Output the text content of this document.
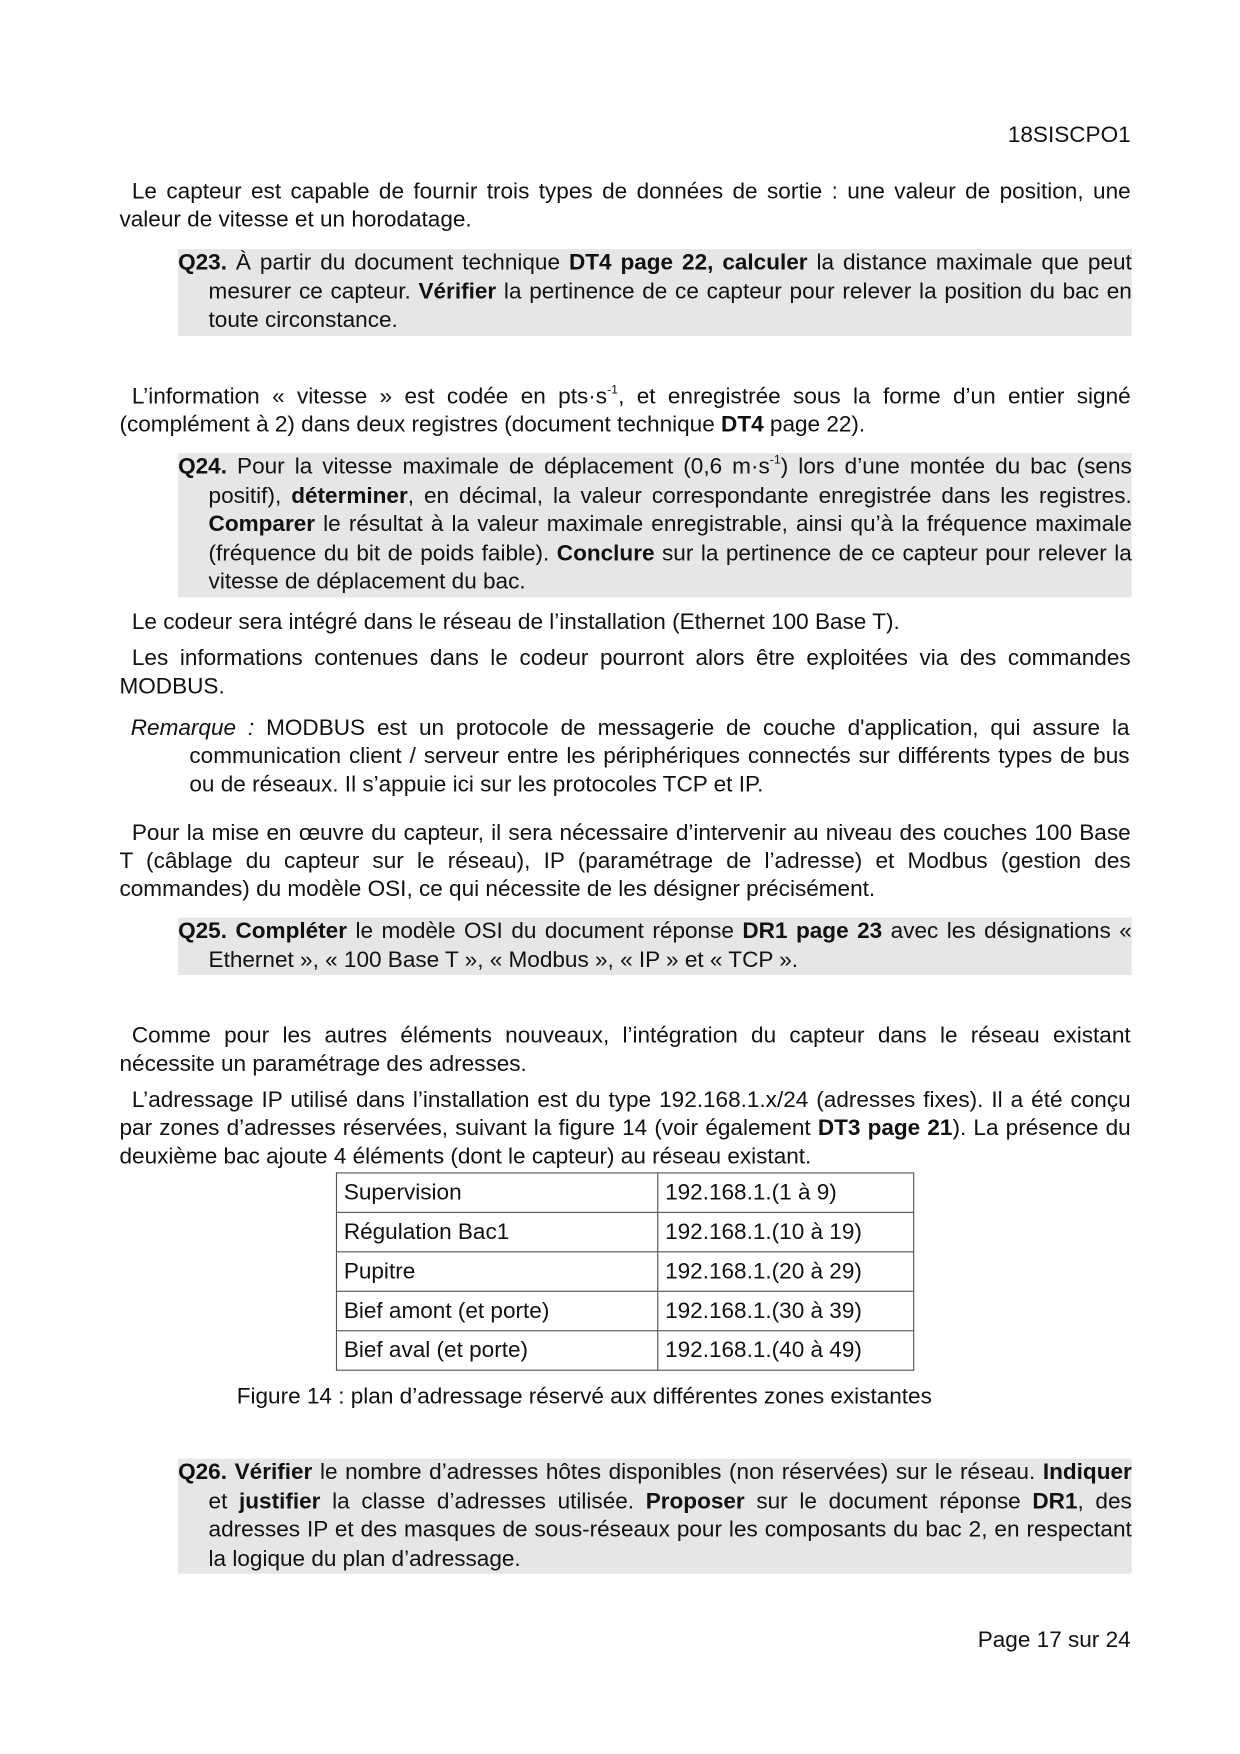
18SISCPO1
Le capteur est capable de fournir trois types de données de sortie : une valeur de position, une valeur de vitesse et un horodatage.
Q23. À partir du document technique DT4 page 22, calculer la distance maximale que peut mesurer ce capteur. Vérifier la pertinence de ce capteur pour relever la position du bac en toute circonstance.
L’information « vitesse » est codée en $pts\cdot s^{-1}$, et enregistrée sous la forme d’un entier signé (complément à 2) dans deux registres (document technique DT4 page 22).
Q24. Pour la vitesse maximale de déplacement (0,6 $m\cdot s^{-1}$) lors d’une montée du bac (sens positif), déterminer, en décimal, la valeur correspondante enregistrée dans les registres. Comparer le résultat à la valeur maximale enregistrable, ainsi qu’à la fréquence maximale (fréquence du bit de poids faible). Conclure sur la pertinence de ce capteur pour relever la vitesse de déplacement du bac.
Le codeur sera intégré dans le réseau de l’installation (Ethernet 100 Base T).
Les informations contenues dans le codeur pourront alors être exploitées via des commandes MODBUS.
Remarque : MODBUS est un protocole de messagerie de couche d'application, qui assure la communication client / serveur entre les périphériques connectés sur différents types de bus ou de réseaux. Il s’appuie ici sur les protocoles TCP et IP.
Pour la mise en œuvre du capteur, il sera nécessaire d’intervenir au niveau des couches 100 Base T (câblage du capteur sur le réseau), IP (paramétrage de l’adresse) et Modbus (gestion des commandes) du modèle OSI, ce qui nécessite de les désigner précisément.
Q25. Compléter le modèle OSI du document réponse DR1 page 23 avec les désignations « Ethernet », « 100 Base T », « Modbus », « IP » et « TCP ».
Comme pour les autres éléments nouveaux, l’intégration du capteur dans le réseau existant nécessite un paramétrage des adresses.
L’adressage IP utilisé dans l’installation est du type 192.168.1.x/24 (adresses fixes). Il a été conçu par zones d’adresses réservées, suivant la figure 14 (voir également DT3 page 21). La présence du deuxième bac ajoute 4 éléments (dont le capteur) au réseau existant.
Supervision	192.168.1.(1 à 9)
Régulation Bac1	192.168.1.(10 à 19)
Pupitre	192.168.1.(20 à 29)
Bief amont (et porte)	192.168.1.(30 à 39)
Bief aval (et porte)	192.168.1.(40 à 49)
Figure 14 : plan d’adressage réservé aux différentes zones existantes
Q26. Vérifier le nombre d’adresses hôtes disponibles (non réservées) sur le réseau. Indiquer et justifier la classe d’adresses utilisée. Proposer sur le document réponse DR1, des adresses IP et des masques de sous-réseaux pour les composants du bac 2, en respectant la logique du plan d’adressage.
Page 17 sur 24
